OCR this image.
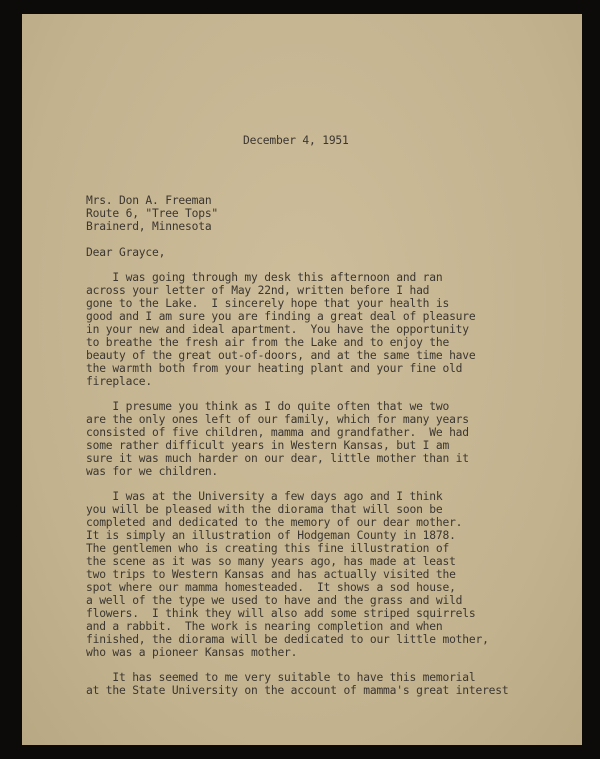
December 4, 1951
Mrs. Don A. Freeman
Route 6, "Tree Tops"
Brainerd, Minnesota
Dear Grayce,
I was going through my desk this afternoon and ran
across your letter of May 22nd, written before I had
gone to the Lake.  I sincerely hope that your health is
good and I am sure you are finding a great deal of pleasure
in your new and ideal apartment.  You have the opportunity
to breathe the fresh air from the Lake and to enjoy the
beauty of the great out-of-doors, and at the same time have
the warmth both from your heating plant and your fine old
fireplace.
I presume you think as I do quite often that we two
are the only ones left of our family, which for many years
consisted of five children, mamma and grandfather.  We had
some rather difficult years in Western Kansas, but I am
sure it was much harder on our dear, little mother than it
was for we children.
I was at the University a few days ago and I think
you will be pleased with the diorama that will soon be
completed and dedicated to the memory of our dear mother.
It is simply an illustration of Hodgeman County in 1878.
The gentlemen who is creating this fine illustration of
the scene as it was so many years ago, has made at least
two trips to Western Kansas and has actually visited the
spot where our mamma homesteaded.  It shows a sod house,
a well of the type we used to have and the grass and wild
flowers.  I think they will also add some striped squirrels
and a rabbit.  The work is nearing completion and when
finished, the diorama will be dedicated to our little mother,
who was a pioneer Kansas mother.
It has seemed to me very suitable to have this memorial
at the State University on the account of mamma's great interest
